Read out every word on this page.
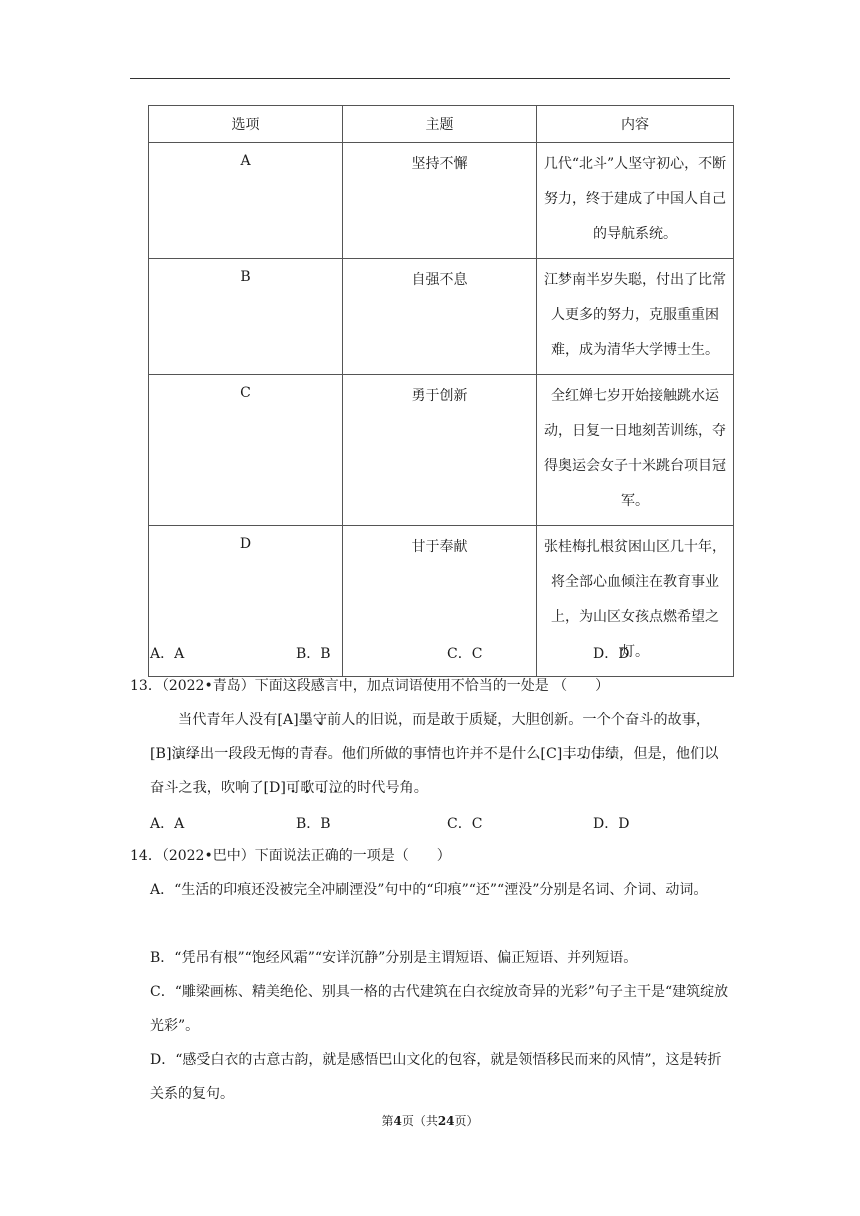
选项	主题	内容
A	坚持不懈	几代“北斗”人坚守初心，不断努力，终于建成了中国人自己的导航系统。
B	自强不息	江梦南半岁失聪，付出了比常人更多的努力，克服重重困难，成为清华大学博士生。
C	勇于创新	全红婵七岁开始接触跳水运动，日复一日地刻苦训练，夺得奥运会女子十米跳台项目冠军。
D	甘于奉献	张桂梅扎根贫困山区几十年，将全部心血倾注在教育事业上，为山区女孩点燃希望之灯。
A．A	B．B	C．C	D．D
13．（2022•青岛）下面这段感言中，加点词语使用不恰当的一处是 （　　）
当代青年人没有[A]墨守前人的旧说，而是敢于质疑，大胆创新。一个个奋斗的故事，[B]演绎出一段段无悔的青春。他们所做的事情也许并不是什么[C]丰功伟绩，但是，他们以奋斗之我，吹响了[D]可歌可泣的时代号角。
A．A	B．B	C．C	D．D
14．（2022•巴中）下面说法正确的一项是（　　）
A．“生活的印痕还没被完全冲刷湮没”句中的“印痕”“还”“湮没”分别是名词、介词、动词。
B．“凭吊有根”“饱经风霜”“安详沉静”分别是主谓短语、偏正短语、并列短语。
C．“雕梁画栋、精美绝伦、别具一格的古代建筑在白衣绽放奇异的光彩”句子主干是“建筑绽放光彩”。
D．“感受白衣的古意古韵，就是感悟巴山文化的包容，就是领悟移民而来的风情”，这是转折关系的复句。
第4页（共24页）
